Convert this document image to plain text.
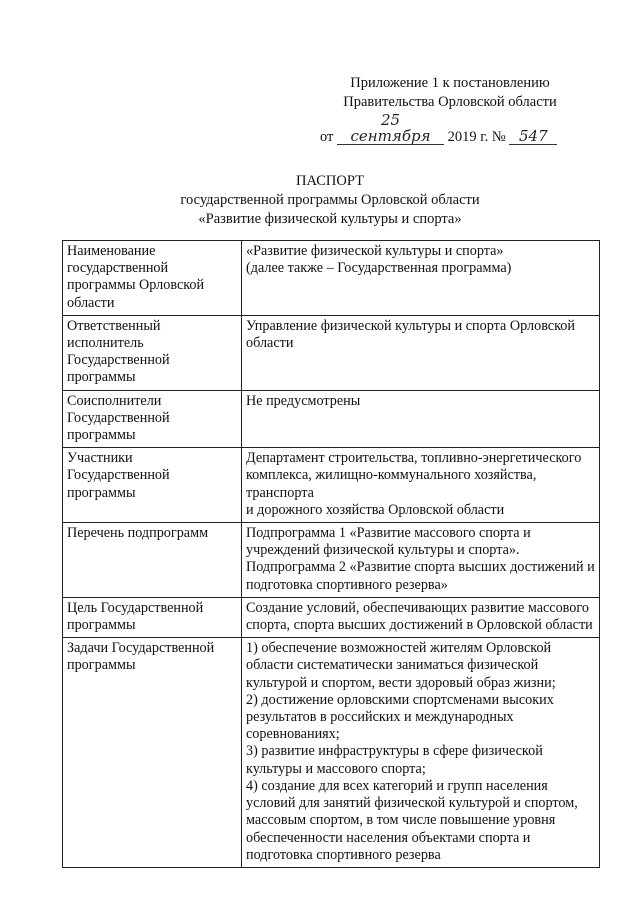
Приложение 1 к постановлению
Правительства Орловской области
от 25 сентября 2019 г. № 547
ПАСПОРТ
государственной программы Орловской области
«Развитие физической культуры и спорта»
Наименование государственной программы Орловской области	«Развитие физической культуры и спорта»
(далее также – Государственная программа)

Ответственный исполнитель Государственной программы	Управление физической культуры и спорта Орловской области

Соисполнители Государственной программы	Не предусмотрены

Участники Государственной программы	Департамент строительства, топливно-энергетического комплекса, жилищно-коммунального хозяйства, транспорта
и дорожного хозяйства Орловской области

Перечень подпрограмм	Подпрограмма 1 «Развитие массового спорта и учреждений физической культуры и спорта».
Подпрограмма 2 «Развитие спорта высших достижений и подготовка спортивного резерва»

Цель Государственной программы	Создание условий, обеспечивающих развитие массового спорта, спорта высших достижений в Орловской области

Задачи Государственной программы	1) обеспечение возможностей жителям Орловской области систематически заниматься физической культурой и спортом, вести здоровый образ жизни;
2) достижение орловскими спортсменами высоких результатов в российских и международных соревнованиях;
3) развитие инфраструктуры в сфере физической культуры и массового спорта;
4) создание для всех категорий и групп населения условий для занятий физической культурой и спортом, массовым спортом, в том числе повышение уровня обеспеченности населения объектами спорта и подготовка спортивного резерва
